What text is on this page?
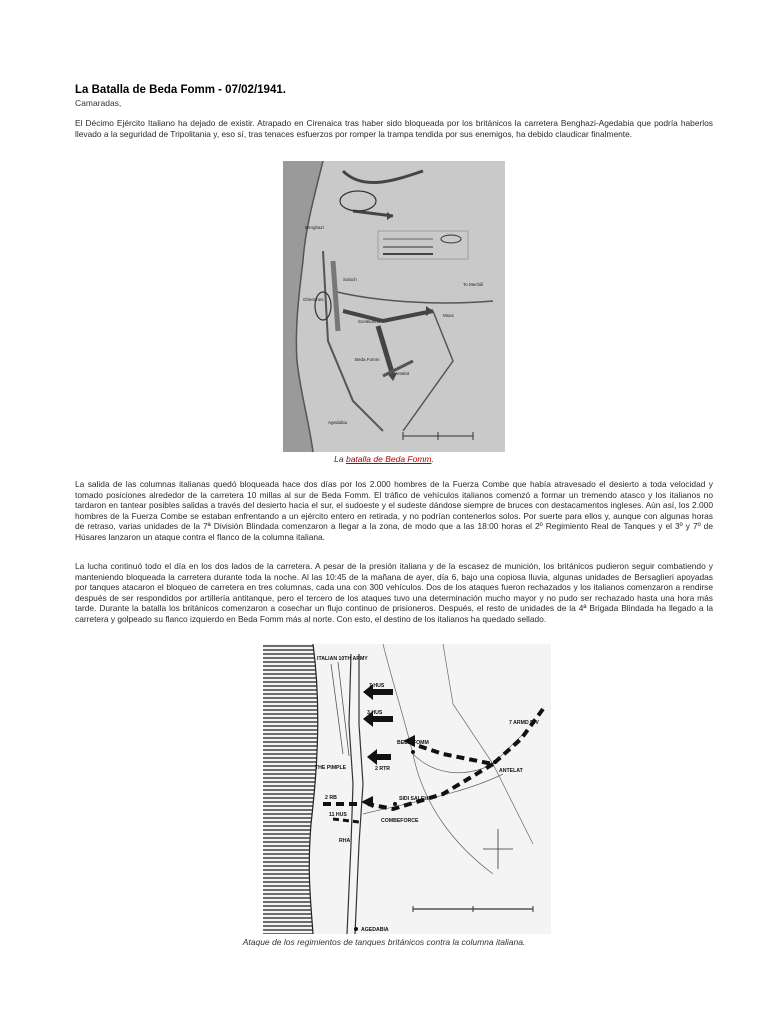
La Batalla de Beda Fomm - 07/02/1941.
Camaradas,

El Décimo Ejército Italiano ha dejado de existir. Atrapado en Cirenaica tras haber sido bloqueada por los británicos la carretera Benghazi-Agedabia que podría haberlos llevado a la seguridad de Tripolitania y, eso sí, tras tenaces esfuerzos por romper la trampa tendida por sus enemigos, ha debido claudicar finalmente.

Benghazi
To Mechili
Msus
Beda Fomm
Agedabia
Sceleidima
Antelat
Soluch
Ghemines
La batalla de Beda Fomm.

La salida de las columnas italianas quedó bloqueada hace dos días por los 2.000 hombres de la Fuerza Combe que había atravesado el desierto a toda velocidad y tomado posiciones alrededor de la carretera 10 millas al sur de Beda Fomm. El tráfico de vehículos italianos comenzó a formar un tremendo atasco y los italianos no tardaron en tantear posibles salidas a través del desierto hacia el sur, el sudoeste y el sudeste dándose siempre de bruces con destacamentos ingleses. Aún así, los 2.000 hombres de la Fuerza Combe se estaban enfrentando a un ejército entero en retirada, y no podrían contenerlos solos. Por suerte para ellos y, aunque con algunas horas de retraso, varias unidades de la 7ª División Blindada comenzaron a llegar a la zona, de modo que a las 18:00 horas el 2º Regimiento Real de Tanques y el 3º y 7º de Húsares lanzaron un ataque contra el flanco de la columna italiana.

La lucha continuó todo el día en los dos lados de la carretera. A pesar de la presión italiana y de la escasez de munición, los británicos pudieron seguir combatiendo y manteniendo bloqueada la carretera durante toda la noche. Al las 10:45 de la mañana de ayer, día 6, bajo una copiosa lluvia, algunas unidades de Bersaglieri apoyadas por tanques atacaron el bloqueo de carretera en tres columnas, cada una con 300 vehículos. Dos de los ataques fueron rechazados y los italianos comenzaron a rendirse después de ser respondidos por artillería antitanque, pero el tercero de los ataques tuvo una determinación mucho mayor y no pudo ser rechazado hasta una hora más tarde. Durante la batalla los británicos comenzaron a cosechar un flujo continuo de prisioneros. Después, el resto de unidades de la 4ª Brigada Blindada ha llegado a la carretera y golpeado su flanco izquierdo en Beda Fomm más al norte. Con esto, el destino de los italianos ha quedado sellado.

ITALIAN 10TH ARMY
7 HUS
3 HUS
BEDA FOMM
THE PIMPLE	2 RTR
7 ARMD DIV
ANTELAT
2 RB
11 HUS
SIDI SALEH
COMBEFORCE
RHA
AGEDABIA
Ataque de los regimientos de tanques británicos contra la columna italiana.
